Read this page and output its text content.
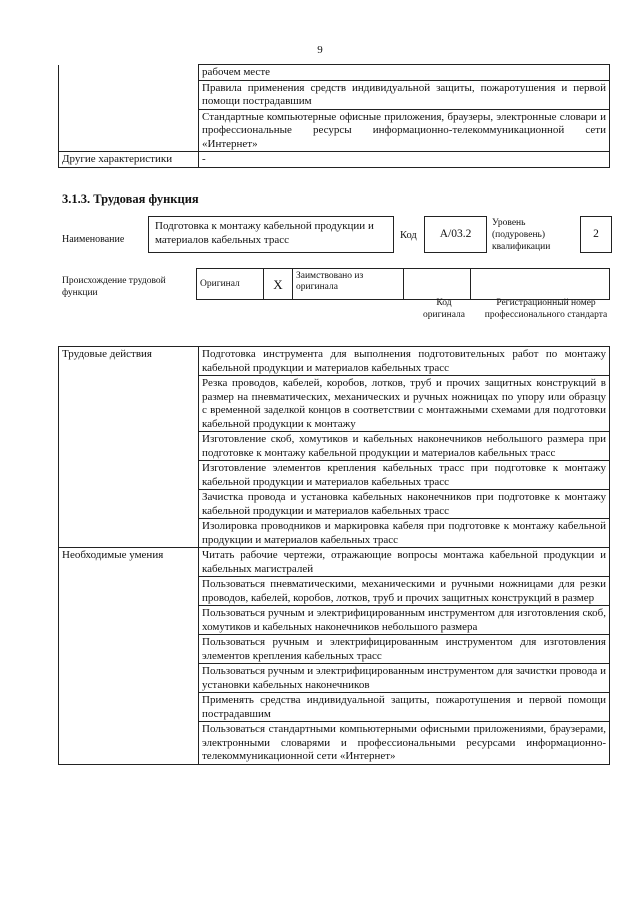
9
	рабочем месте
	Правила применения средств индивидуальной защиты, пожаротушения и первой помощи пострадавшим
	Стандартные компьютерные офисные приложения, браузеры, электронные словари и профессиональные ресурсы информационно-телекоммуникационной сети «Интернет»
Другие характеристики	-
3.1.3. Трудовая функция
Наименование
Подготовка к монтажу кабельной продукции и материалов кабельных трасс	Код	A/03.2
Уровень (подуровень) квалификации
2
Происхождение трудовой функции
Оригинал	X	Заимствовано из оригинала		
Код оригинала
Регистрационный номер профессионального стандарта
Трудовые действия	Подготовка инструмента для выполнения подготовительных работ по монтажу кабельной продукции и материалов кабельных трасс
	Резка проводов, кабелей, коробов, лотков, труб и прочих защитных конструкций в размер на пневматических, механических и ручных ножницах по упору или образцу с временной заделкой концов в соответствии с монтажными схемами для подготовки кабельной продукции к монтажу
	Изготовление скоб, хомутиков и кабельных наконечников небольшого размера при подготовке к монтажу кабельной продукции и материалов кабельных трасс
	Изготовление элементов крепления кабельных трасс при подготовке к монтажу кабельной продукции и материалов кабельных трасс
	Зачистка провода и установка кабельных наконечников при подготовке к монтажу кабельной продукции и материалов кабельных трасс
	Изолировка проводников и маркировка кабеля при подготовке к монтажу кабельной продукции и материалов кабельных трасс
Необходимые умения	Читать рабочие чертежи, отражающие вопросы монтажа кабельной продукции и кабельных магистралей
	Пользоваться пневматическими, механическими и ручными ножницами для резки проводов, кабелей, коробов, лотков, труб и прочих защитных конструкций в размер
	Пользоваться ручным и электрифицированным инструментом для изготовления скоб, хомутиков и кабельных наконечников небольшого размера
	Пользоваться ручным и электрифицированным инструментом для изготовления элементов крепления кабельных трасс
	Пользоваться ручным и электрифицированным инструментом для зачистки провода и установки кабельных наконечников
	Применять средства индивидуальной защиты, пожаротушения и первой помощи пострадавшим
	Пользоваться стандартными компьютерными офисными приложениями, браузерами, электронными словарями и профессиональными ресурсами информационно-телекоммуникационной сети «Интернет»
